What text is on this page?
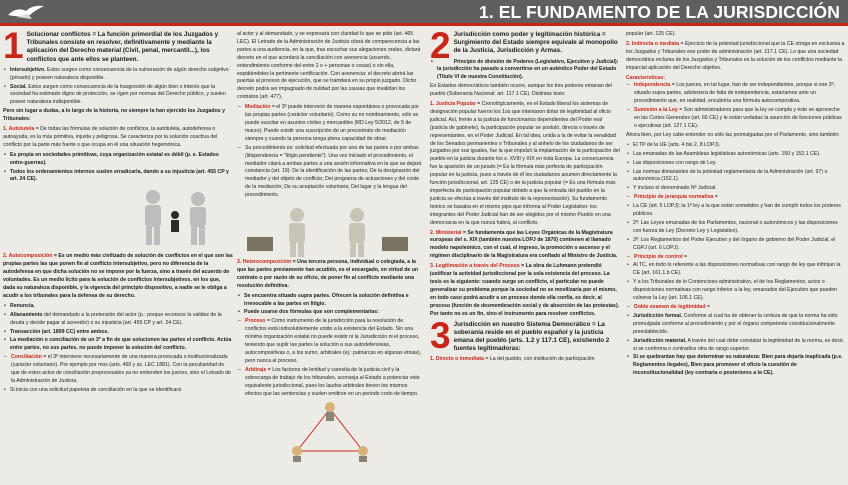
1. EL FUNDAMENTO DE LA JURISDICCIÓN
1 Solucionar conflictos = La función primordial de los Juzgados y Tribunales consiste en resolver, definitivamente y mediante la aplicación del Derecho material (Civil, penal, mercantil...), los conflictos que ante ellos se planteen.
• Intersubjetivo. Estos surgen como consecuencia de la vulneración de algún derecho subjetivo (privado) y poseen naturaleza disponible.
• Social. Estos surgen como consecuencia de la trasgresión de algún bien o interés que la sociedad ha estimado digno de protección, se rigen por normas del Derecho público, y suelen poseer naturaleza indisponible.
Pero sin lugar a dudas, a lo largo de la historia, no siempre la han ejercido los Juzgados y Tribunales:
1. Autotutela = De todas las fórmulas de solución de conflictos, la autotutela, autodefensa o autoayuda, es la más primitiva, injusta y peligrosa. Se caracteriza por la solución coactiva del conflicto por la parte más fuerte o que ocupa en él una situación hegemónica.
• Es propia en sociedades primitivas, cuya organización estatal es débil (p. e. Estados entre-guerras).
• Todos los ordenamientos internos suelen erradicarla, dando a su injusticia (art. 455 CP y art. 24 CE).
2. Autocomposición = Es un medio más civilizado de solución de conflictos en el que son las propias partes las que ponen fin al conflicto intersubjetivo, pero no diferencia de la autodefensa en que dicha solución no se impone por la fuerza, sino a través del acuerdo de voluntades. Es un medio lícito para la solución de conflictos intersubjetivos, en los que, dada su naturaleza disponible, y la vigencia del principio dispositivo, a nadie se le obliga a acudir a los tribunales para la defensa de su derecho.
• Renuncia.
• Allanamiento del demandado a la pretensión del actor (p.: porque reconoce la validez de la deuda y decide pagar al acreedor) o su injusticia (art. 455 CP y art. 24 CE).
• Transacción (art. 1809 CC) entre ambos.
• La mediación o conciliación de un 3º a fin de que solucionen las partes el conflicto. Actúa entre partes, no sus partes, no puede imponer la solución del conflicto.
– Conciliación = el 3º interviene necesariamente de una manera provocada o institucionalizada (carácter voluntario). Por ejemplo por mos (arts. 460 y ss. LEC 1881). Con la peculiaridad de que de estos actos de conciliación preprocesales ya no entienden los jueces, sino el Letrado de la Administración de Justicia.
• Si inicia con una solicitud papeleta de conciliación en la que se identificará
al actor y al demandado, y se expresará con claridad lo que se pide (art. 465 LEC). El Letrado de la Administración de Justicia citará de comparecencia a las partes a una audiencia, en la que, tras escuchar sus alegaciones orales, dictará decreto en el que acordará la conciliación con avenencia (acuerdo, entendimiento conforme del entre 2 o + personas o cosas) o sin ella, expidiéndoles la pertinente certificación. Con avenencia: el decreto abrirá las puertas al proceso de ejecución, que se tramitará en su propio juzgado. Dicho decreto podrá ser impugnado de nulidad por las causas que invalidan los contratos (art. 477).
– Mediación = el 3º puede intervenir de manera espontánea o provocada por las propias partes (carácter voluntario). Como su no nombramiento, sólo se puede suscitar en asuntos civiles y mercantiles (RD Ley 5/2012, de 5 de marzo). Puede existir una suscripción de un precontrato de mediación siempre y cuando la persona tenga plena capacidad de obrar.
– Su procedimiento es: solicitud efectuada por una de las partes o por ambas (litispendencia = "litigio pendiente"). Una vez iniciado el procedimiento, el mediador citará a ambas partes a una sesión informativa en la que se dejará constancia (art. 19): De la identificación de las partes; De la designación del mediador y del objeto de conflicto; Del programa de actuaciones y del coste de la mediación; De su aceptación voluntaria; Del lugar y la lengua del procedimiento.
3. Heterocomposición = Una tercera persona, individual o colegiada, a la que las partes previamente han acudido, es el encargado, en virtud de un contrato o por razón de su oficio, de poner fin al conflicto mediante una resolución definitiva.
• Se encuentra situado supra partes. Ofrecen la solución definitiva e irrevocable a las partes en litigio.
• Puede usarse dos fórmulas que son complementarias:
– Proceso = Como instrumento de la jurisdicción para la resolución de conflictos está indisolublemente unido a la existencia del Estado. Sin una mínima organización estatal no puede existir ni la Jurisdicción ni el proceso, teniendo que suplir las partes la solución a sus autodefensivas, autocompositivas o, a los sumo, arbitrales (ej.: patriarcas en algunas etnias), pero nunca al proceso.
– Arbitraje = Los factores de lentitud y carestía de la justicia civil y la sobrecarga de trabajo de los tribunales, aconseja al Estado a potenciar este equivalente jurisdiccional, pues los laudos arbitrales tienen los mismos efectos que las sentencias y suelen emitirse en un periodo corto de tiempo.
2 Jurisdicción como poder y legitimación histórica = Surgimiento del Estado siempre equivale al monopolio de la Justicia, Jurisdicción y Armas.
• Principio de división de Poderes (Legislativo, Ejecutivo y Judicial): la jurisdicción ha pasado a convertirse en un auténtico Poder del Estado (Título VI de nuestra Constitución).
En Estados democráticos también ocurre, aunque los tres poderes emanan del pueblo (Soberanía Nacional: art. 117.1 CE). Distintas tesis:
1. Justicia Popular = Cronológicamente, en el Estado liberal los sistemas de designación popular fueron los 1os que intentaron dotar de legitimidad al oficio judicial. Así, frente a la justicia de funcionarios dependientes del Poder real (justicia de gabinete), la participación popular se postuló, directa o través de representantes, en el Poder Judicial. En tal idea, unida a la de evitar la venalidad de los Senados permanentes o Tribunales y al anhelo de los ciudadanos de ser juzgados por sus iguales, fue la que impulsó la implantación de la participación del pueblo en la justicia durante los s. XVIII y XIX en toda Europa. La consecuencia fue la aparición de un jurado (= Es la fórmula más perfecta de participación popular en la justicia, pues a través de él los ciudadanos asumen directamente la función jurisdiccional, art. 125 CE) o de la justicia popular (= Es una fórmula más imperfecta de participación popular debido a que la entrada del pueblo en la justicia se efectúa a través del instituto de la representación). Su fundamento teórico se basaba en el mismo pipo que informa al Poder Legislativo: los integrantes del Poder Judicial han de ser elegidos por el mismo Pueblo en una democracia en la que nunca habrá, al conflicto.
2. Ministerial = Se fundamenta que las Leyes Orgánicas de la Magistratura europeas del s. XIX (también nuestra LOPJ de 1870) contienen al llamado modelo napoleónico, con el cual, el ingreso, la promoción o ascenso y el régimen disciplinario de la Magistratura era confiado al Ministro de Justicia.
3. Legitimación a través del Proceso = La obra de Luhmann pretendió justificar la actividad jurisdiccional por la sola existencia del proceso. La tesis es la siguiente: cuando surge un conflicto, el particular no puede generalizar su problema porque la sociedad no se movilizaría por el mismo, en todo caso podrá acudir a un proceso donde ella confía, es decir, al proceso (función de desmembración social y de absorción de las protestas). Por tanto no es un fin, sino el instrumento para resolver conflictos.
3 Jurisdicción en nuestro Sistema Democrático = La soberanía reside en el pueblo español y la justicia emana del pueblo (arts. 1.2 y 117.1 CE), existiendo 2 fuentes legitimadoras:
1. Directo o inmediata = La del pueblo, con institución de participación
popular (art. 125 CE).
2. Indirecta o mediata = Ejercicio de la potestad jurisdiccional que la CE otorga en exclusiva a los Juzgados y Tribunales ese poder de administración (art. 117.1 CE). Lo que una sociedad democrática reclama de los Juzgados y Tribunales es la solución de los conflictos mediante la imparcial aplicación del Derecho objetivo.
Características:
– Independencia = Los jueces, en tal lugar, han de ser independientes, porque si ese 3º, situado supra partes, adoleciera de falta de independencia, estaríamos ante un procedimiento que, en realidad, encubriría una fórmula autocompositiva.
– Sumisión a la Ley = Son administradores para que la ley se cumpla y éste se aproveche en las Cortes Generales (art. 66 CE) y le están vedadas la asunción de funciones públicas o ejecutivas (art. 127.1 CE).
Ahora bien, por Ley cabe entender no sólo las promulgadas por el Parlamento, sino también:
• El TP de la UE (arts. 4 bis 2, 8 LOPJ).
• Las emanadas de las Asambleas legislativas autonómicas (arts. 150 y 152.1 CE).
• Las disposiciones con rango de Ley.
• Las normas dimanantes de la potestad reglamentaria de la Administración (art. 97) o autonómica (152.1).
• Y incluso el denominado Nº Judicial.
– Principio de jerarquía normativa =
• La CE (art. 5 LOPJ): la 1ª ley a la que están sometidos y han de cumplir todos los poderes públicos.
• 2º: Las Leyes emanadas de los Parlamentos, nacional o autonómicos y las disposiciones con fuerza de Ley (Decreto Ley y Legislativo).
• 3º: Los Reglamentos del Poder Ejecutivo y del órgano de gobierno del Poder Judicial, el CGPJ (art. 6 LOPJ).
– Principio de control =
• Al TC, en todo lo referente a las disposiciones normativas con rango de ley que infrinjan la CE (art. 161.1.b CE).
• Y a los Tribunales de lo Contencioso-administrativo, el de los Reglamentos, actos o disposiciones normativas con rango inferior a la ley, emanados del Ejecutivo que pueden vulnerar la Ley (art. 106.1 CE).
– Doble examen de legitimidad =
• Jurisdicción formal. Conforme al cual ha de obtener la certeza de que la norma ha sido promulgada conforme al procedimiento y por el órgano competente constitucionalmente preestablecido.
• Jurisdicción material. A través del cual debe constatar la legitimidad de la norma, es decir, si se conforma o contradice otra de rango superior.
• Si se quebrantan hay que determinar su naturaleza: Bien para dejarla inaplicada (p.e. Reglamentos ilegales), Bien para promover el oficio la cuestión de inconstitucionalidad (ley contraria o posteriores a la CE).
